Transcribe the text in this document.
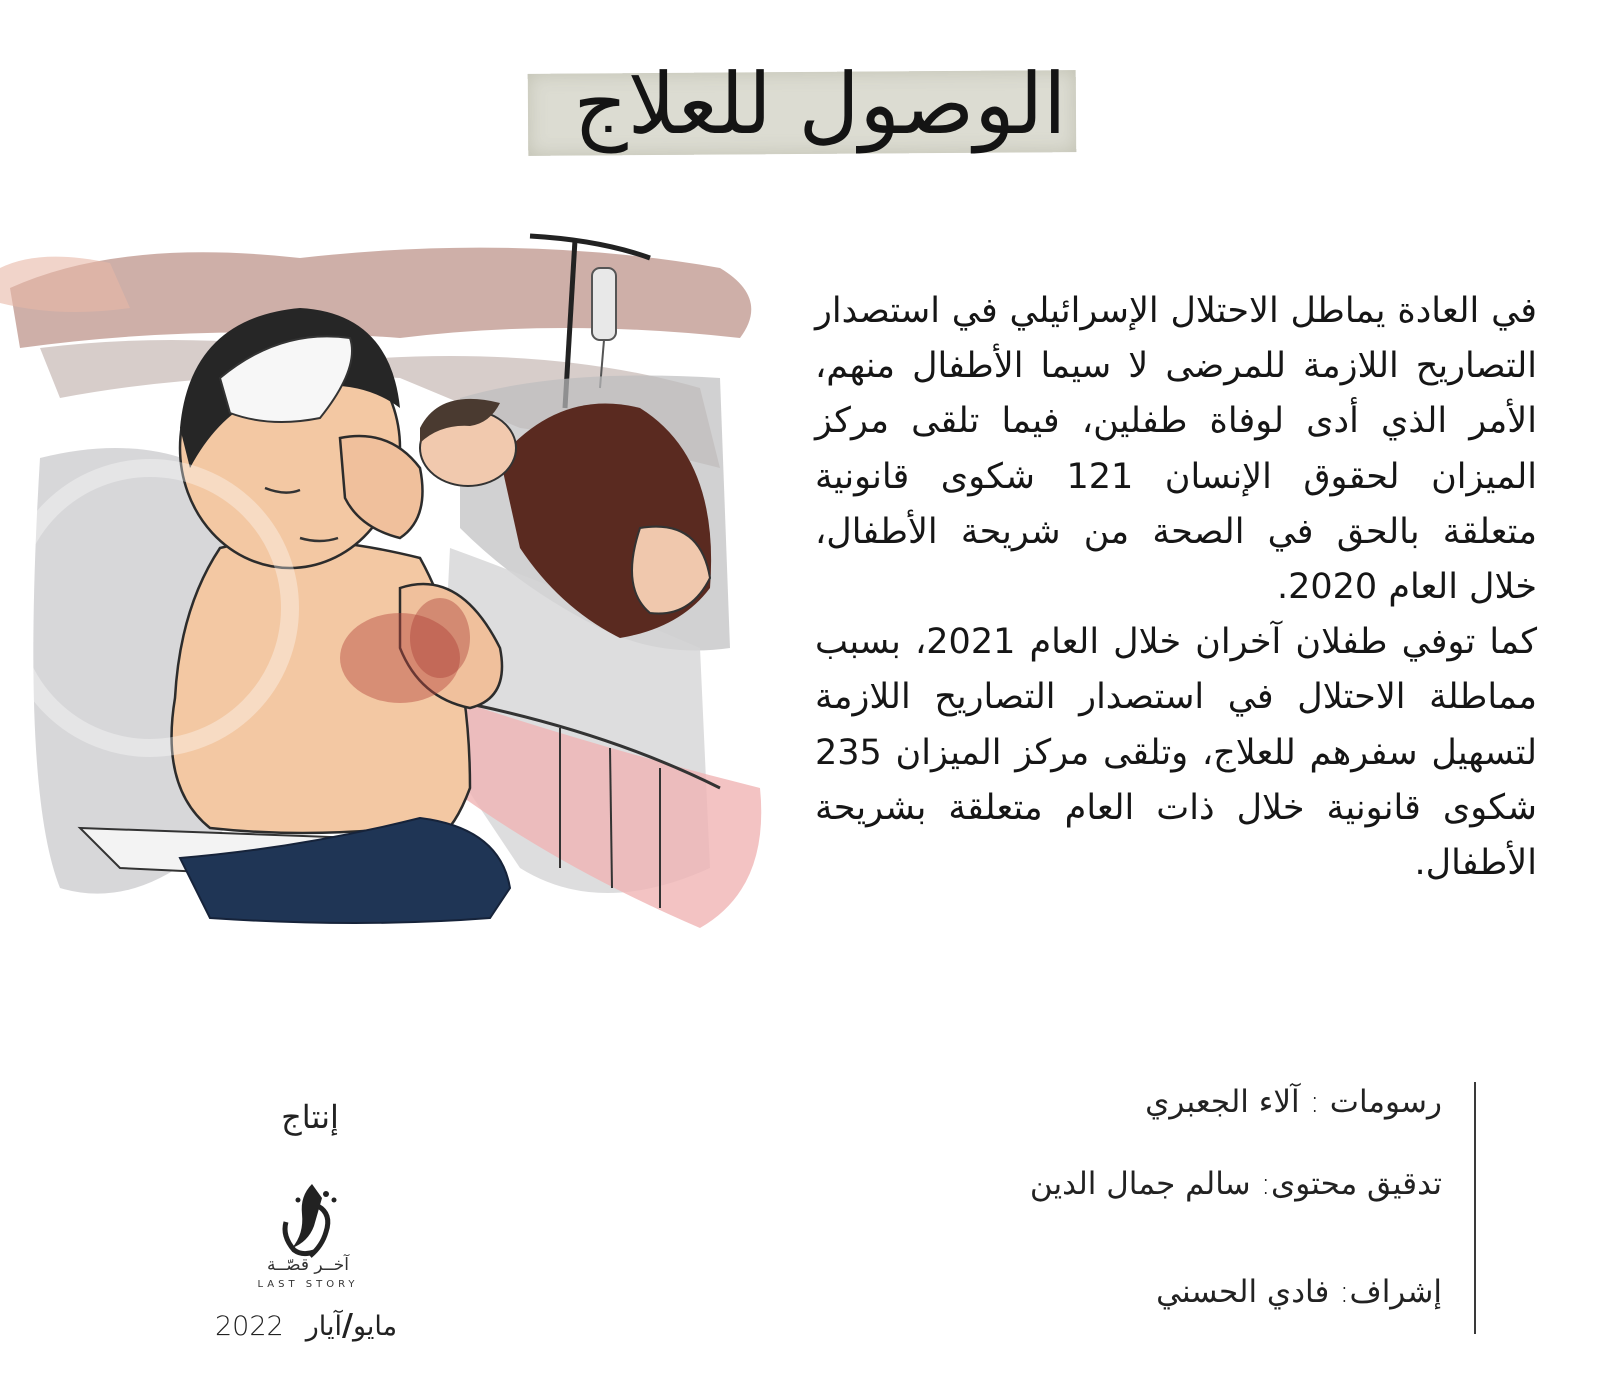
الوصول للعلاج

في العادة يماطل الاحتلال الإسرائيلي في استصدار التصاريح اللازمة للمرضى لا سيما الأطفال منهم، الأمر الذي أدى لوفاة طفلين، فيما تلقى مركز الميزان لحقوق الإنسان 121 شكوى قانونية متعلقة بالحق في الصحة من شريحة الأطفال، خلال العام 2020.

كما توفي طفلان آخران خلال العام 2021، بسبب مماطلة الاحتلال في استصدار التصاريح اللازمة لتسهيل سفرهم للعلاج، وتلقى مركز الميزان 235 شكوى قانونية خلال ذات العام متعلقة بشريحة الأطفال.

رسومات : آلاء الجعبري
تدقيق محتوى: سالم جمال الدين
إشراف: فادي الحسني
إنتاج
آخــر قصّــة
LAST STORY
2022	مايو/آيار
